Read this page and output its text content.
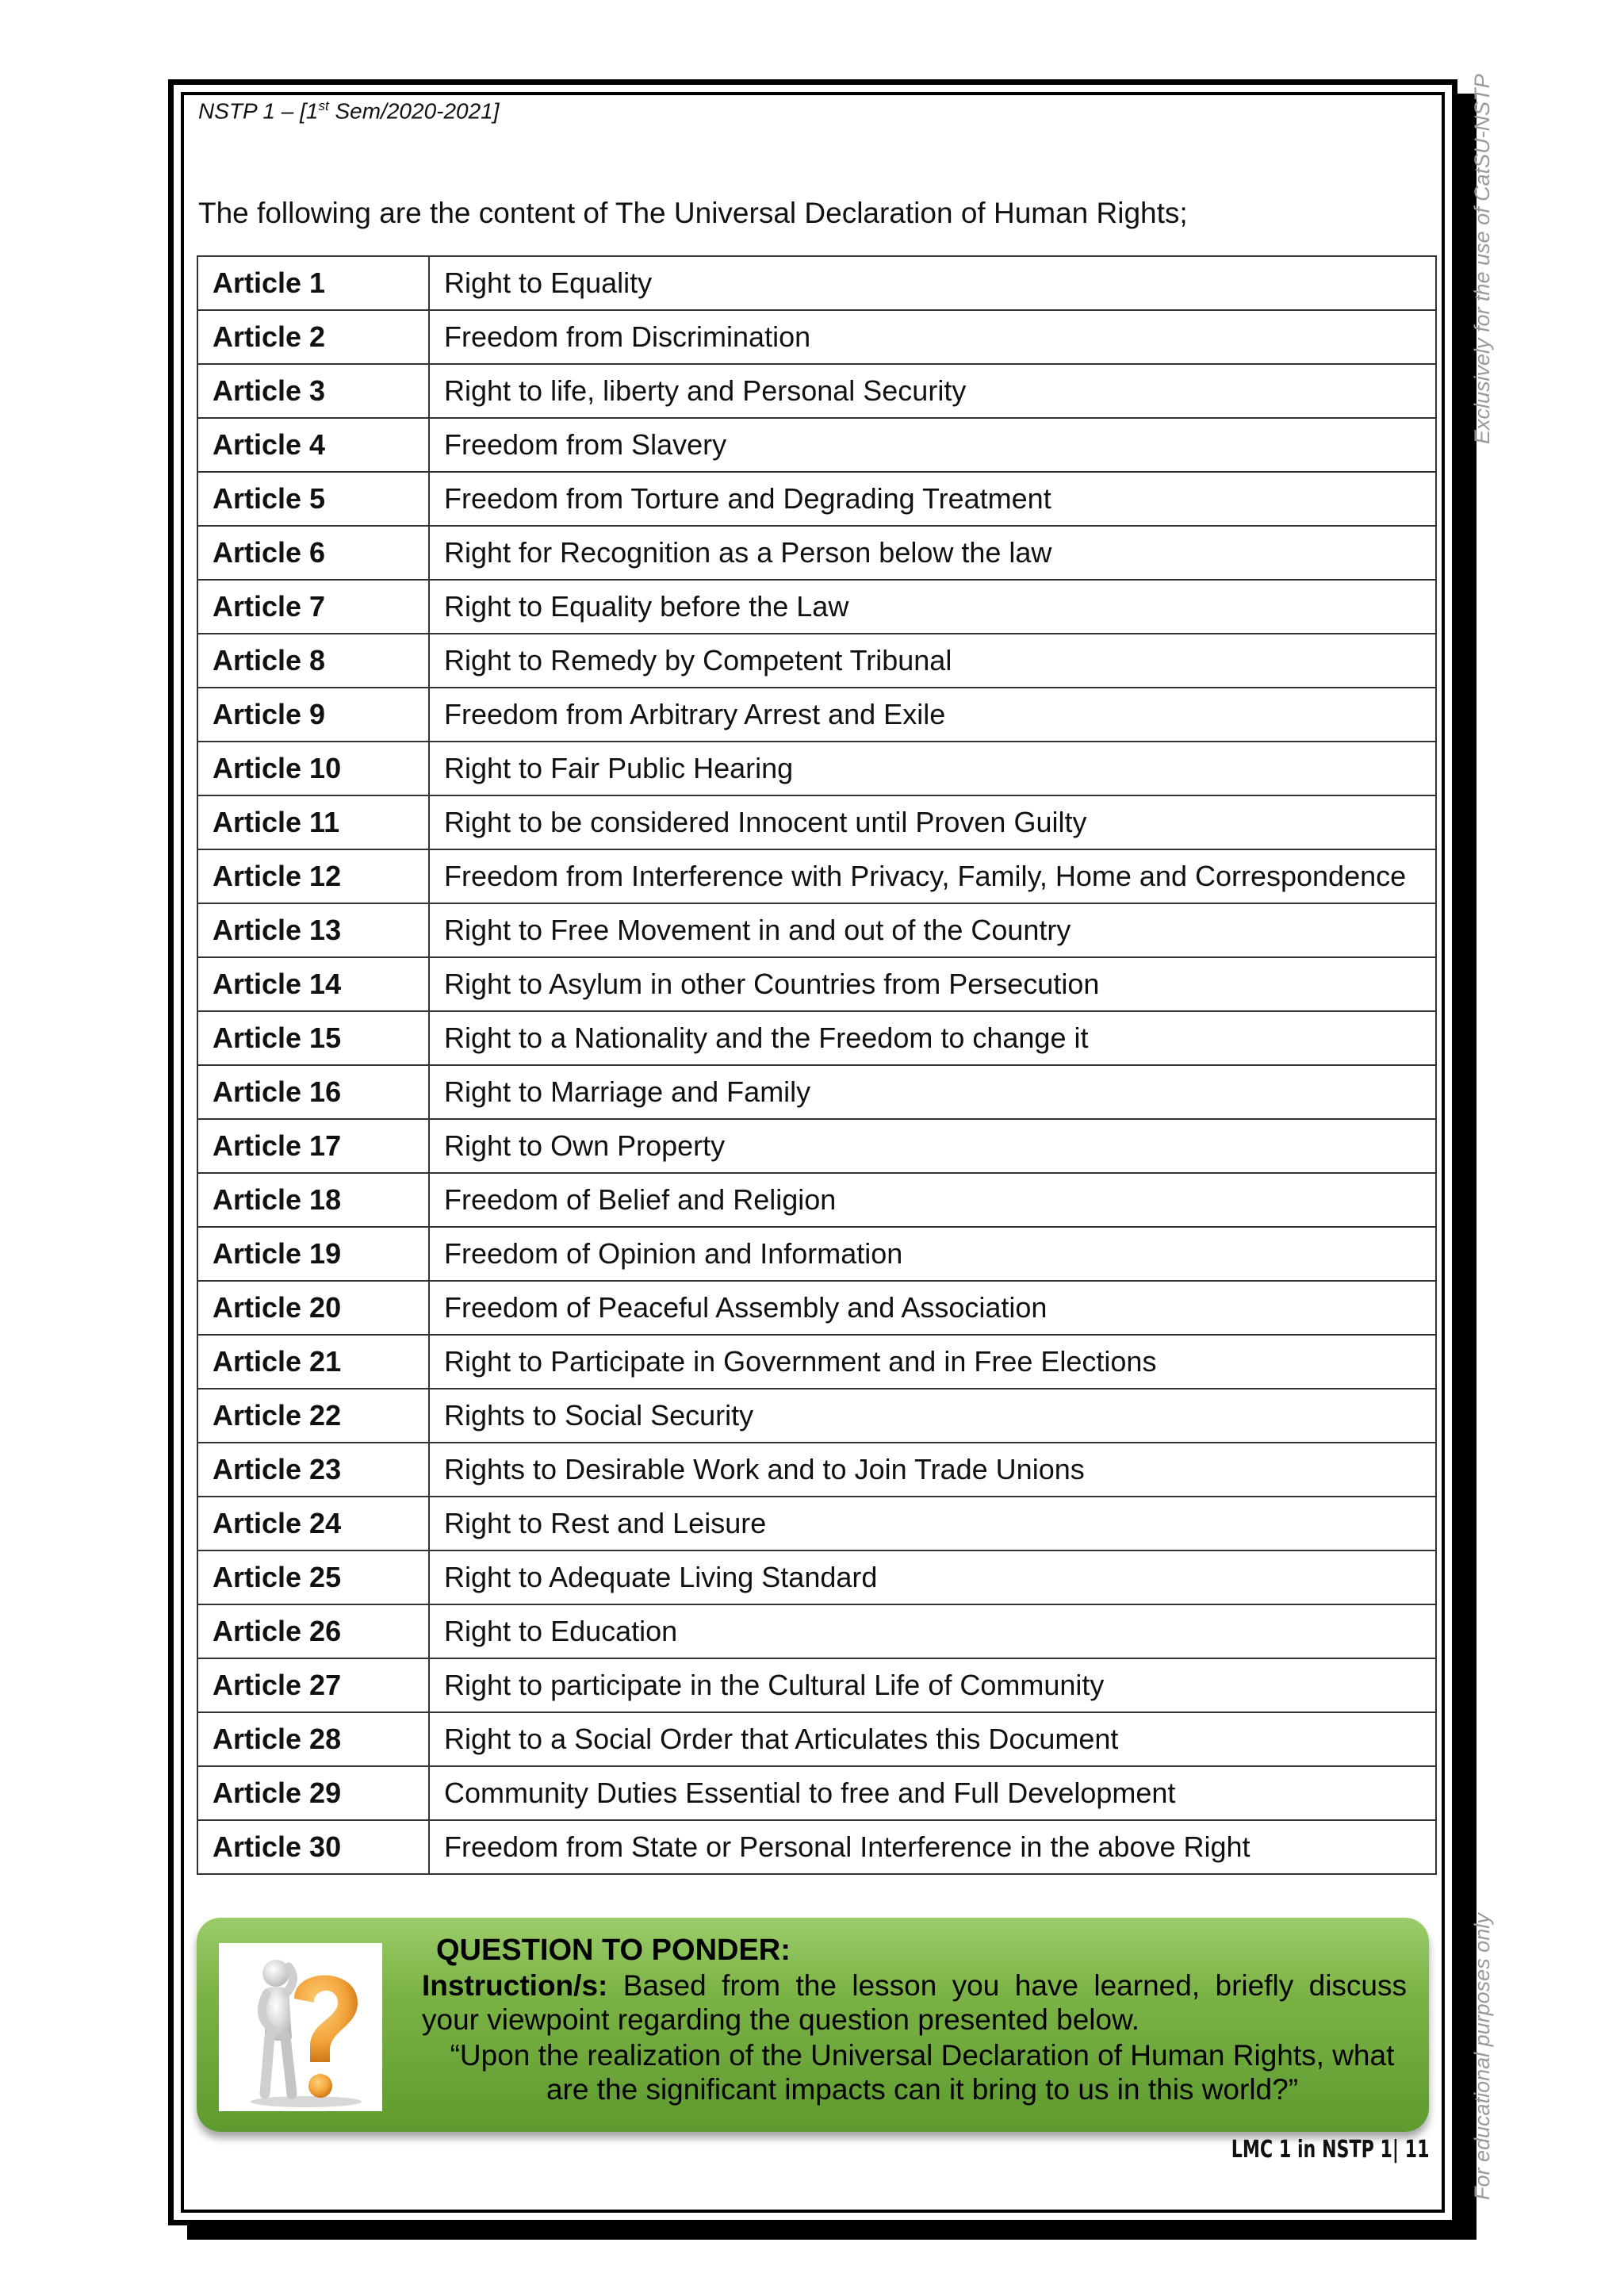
NSTP 1 – [1st Sem/2020-2021]
The following are the content of The Universal Declaration of Human Rights;
Article 1	Right to Equality
Article 2	Freedom from Discrimination
Article 3	Right to life, liberty and Personal Security
Article 4	Freedom from Slavery
Article 5	Freedom from Torture and Degrading Treatment
Article 6	Right for Recognition as a Person below the law
Article 7	Right to Equality before the Law
Article 8	Right to Remedy by Competent Tribunal
Article 9	Freedom from Arbitrary Arrest and Exile
Article 10	Right to Fair Public Hearing
Article 11	Right to be considered Innocent until Proven Guilty
Article 12	Freedom from Interference with Privacy, Family, Home and Correspondence
Article 13	Right to Free Movement in and out of the Country
Article 14	Right to Asylum in other Countries from Persecution
Article 15	Right to a Nationality and the Freedom to change it
Article 16	Right to Marriage and Family
Article 17	Right to Own Property
Article 18	Freedom of Belief and Religion
Article 19	Freedom of Opinion and Information
Article 20	Freedom of Peaceful Assembly and Association
Article 21	Right to Participate in Government and in Free Elections
Article 22	Rights to Social Security
Article 23	Rights to Desirable Work and to Join Trade Unions
Article 24	Right to Rest and Leisure
Article 25	Right to Adequate Living Standard
Article 26	Right to Education
Article 27	Right to participate in the Cultural Life of Community
Article 28	Right to a Social Order that Articulates this Document
Article 29	Community Duties Essential to free and Full Development
Article 30	Freedom from State or Personal Interference in the above Right
QUESTION TO PONDER:
Instruction/s: Based from the lesson you have learned, briefly discuss your viewpoint regarding the question presented below.
“Upon the realization of the Universal Declaration of Human Rights, what are the significant impacts can it bring to us in this world?”
LMC 1 in NSTP 1| 11
Exclusively for the use of CatSU-NSTP
For educational purposes only
